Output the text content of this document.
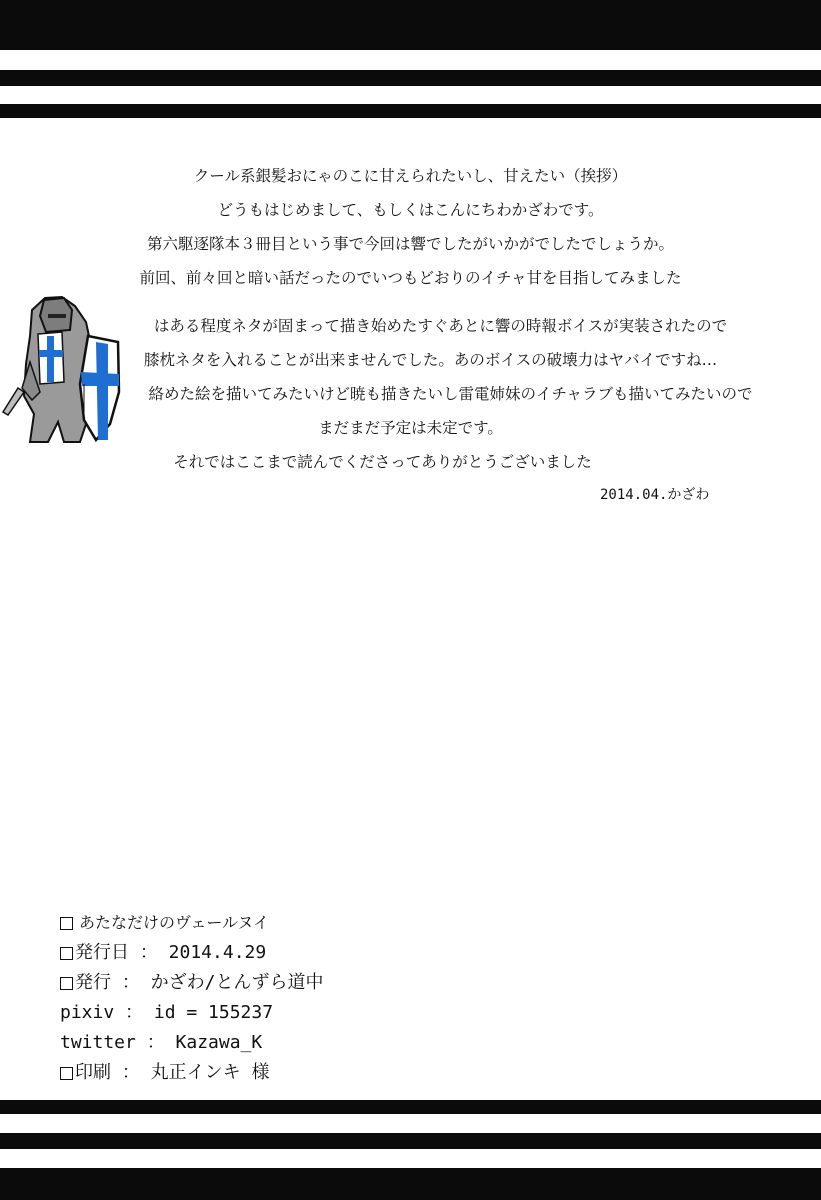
クール系銀髪おにゃのこに甘えられたいし、甘えたい（挨拶）
どうもはじめまして、もしくはこんにちわかざわです。
第六駆逐隊本３冊目という事で今回は響でしたがいかがでしたでしょうか。
前回、前々回と暗い話だったのでいつもどおりのイチャ甘を目指してみました
はある程度ネタが固まって描き始めたすぐあとに響の時報ボイスが実装されたので
膝枕ネタを入れることが出来ませんでした。あのボイスの破壊力はヤバイですね…
絡めた絵を描いてみたいけど暁も描きたいし雷電姉妹のイチャラブも描いてみたいので
まだまだ予定は未定です。
それではここまで読んでくださってありがとうございました
2014.04.かざわ
あたなだけのヴェールヌイ
発行日 ： 2014.4.29
発行 ： かざわ/とんずら道中
pixiv ： id = 155237
twitter ： Kazawa_K
印刷 ： 丸正インキ 様
